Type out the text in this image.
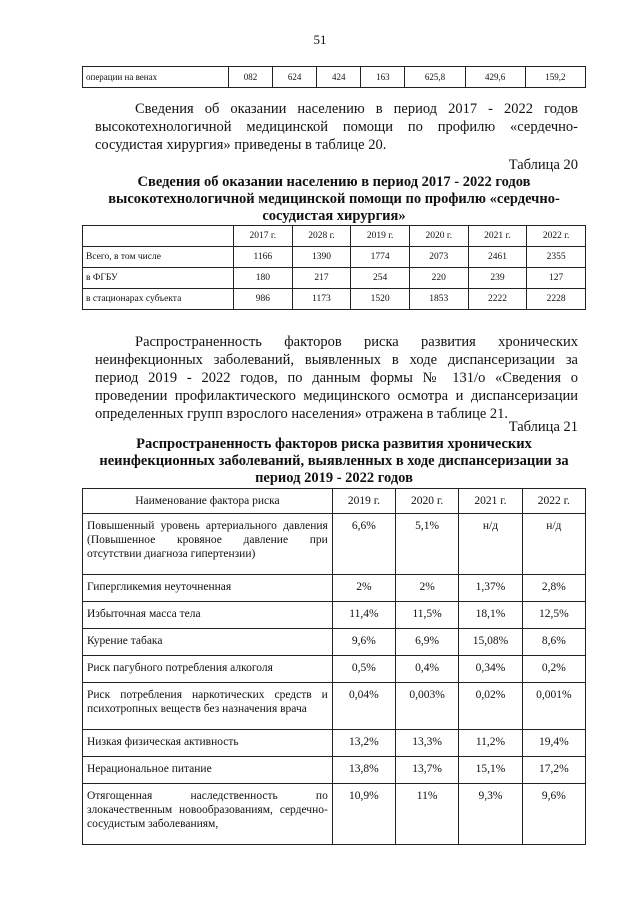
51
операции на венах	082	624	424	163	625,8	429,6	159,2

Сведения об оказании населению в период 2017 - 2022 годов высокотехнологичной медицинской помощи по профилю «сердечно-сосудистая хирургия» приведены в таблице 20.

Таблица 20

Сведения об оказании населению в период 2017 - 2022 годов высокотехнологичной медицинской помощи по профилю «сердечно-сосудистая хирургия»

	2017 г.	2028 г.	2019 г.	2020 г.	2021 г.	2022 г.
Всего, в том числе	1166	1390	1774	2073	2461	2355
в ФГБУ	180	217	254	220	239	127
в стационарах субъекта	986	1173	1520	1853	2222	2228

Распространенность факторов риска развития хронических неинфекционных заболеваний, выявленных в ходе диспансеризации за период 2019 - 2022 годов, по данным формы № 131/о «Сведения о проведении профилактического медицинского осмотра и диспансеризации определенных групп взрослого населения» отражена в таблице 21.

Таблица 21

Распространенность факторов риска развития хронических неинфекционных заболеваний, выявленных в ходе диспансеризации за период 2019 - 2022 годов

Наименование фактора риска	2019 г.	2020 г.	2021 г.	2022 г.
Повышенный уровень артериального давления (Повышенное кровяное давление при отсутствии диагноза гипертензии)	6,6%	5,1%	н/д	н/д
Гипергликемия неуточненная	2%	2%	1,37%	2,8%
Избыточная масса тела	11,4%	11,5%	18,1%	12,5%
Курение табака	9,6%	6,9%	15,08%	8,6%
Риск пагубного потребления алкоголя	0,5%	0,4%	0,34%	0,2%
Риск потребления наркотических средств и психотропных веществ без назначения врача	0,04%	0,003%	0,02%	0,001%
Низкая физическая активность	13,2%	13,3%	11,2%	19,4%
Нерациональное питание	13,8%	13,7%	15,1%	17,2%
Отягощенная наследственность по злокачественным новообразованиям, сердечно-сосудистым заболеваниям,	10,9%	11%	9,3%	9,6%
